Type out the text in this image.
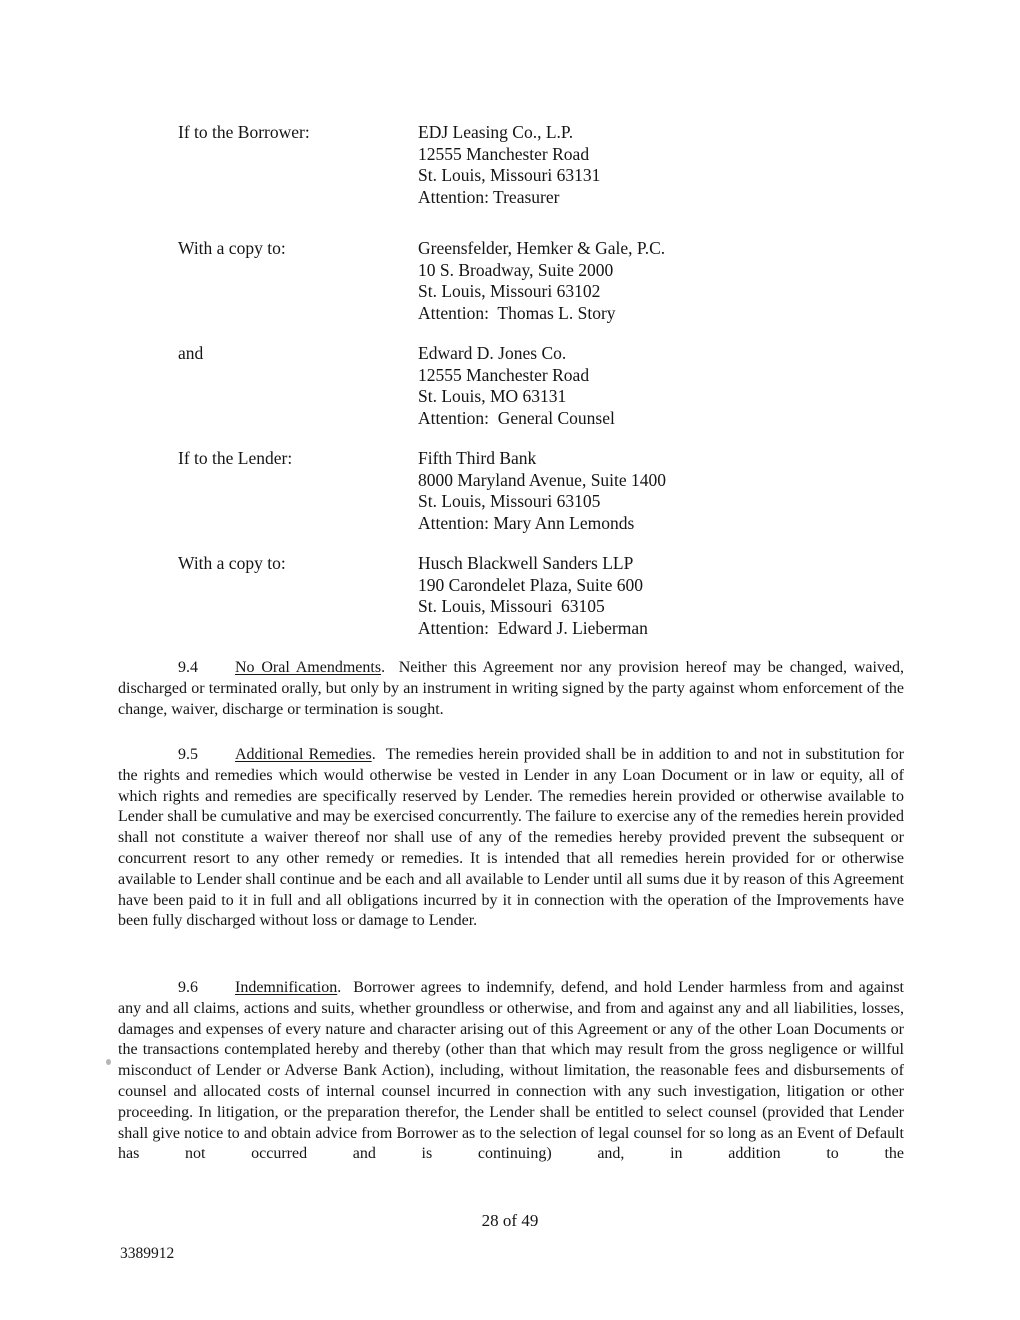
If to the Borrower:	EDJ Leasing Co., L.P.
12555 Manchester Road
St. Louis, Missouri 63131
Attention: Treasurer
With a copy to:	Greensfelder, Hemker & Gale, P.C.
10 S. Broadway, Suite 2000
St. Louis, Missouri 63102
Attention:  Thomas L. Story
and	Edward D. Jones Co.
12555 Manchester Road
St. Louis, MO 63131
Attention:  General Counsel
If to the Lender:	Fifth Third Bank
8000 Maryland Avenue, Suite 1400
St. Louis, Missouri 63105
Attention: Mary Ann Lemonds
With a copy to:	Husch Blackwell Sanders LLP
190 Carondelet Plaza, Suite 600
St. Louis, Missouri  63105
Attention:  Edward J. Lieberman
9.4 No Oral Amendments.  Neither this Agreement nor any provision hereof may be changed, waived, discharged or terminated orally, but only by an instrument in writing signed by the party against whom enforcement of the change, waiver, discharge or termination is sought.
9.5 Additional Remedies.  The remedies herein provided shall be in addition to and not in substitution for the rights and remedies which would otherwise be vested in Lender in any Loan Document or in law or equity, all of which rights and remedies are specifically reserved by Lender. The remedies herein provided or otherwise available to Lender shall be cumulative and may be exercised concurrently. The failure to exercise any of the remedies herein provided shall not constitute a waiver thereof nor shall use of any of the remedies hereby provided prevent the subsequent or concurrent resort to any other remedy or remedies. It is intended that all remedies herein provided for or otherwise available to Lender shall continue and be each and all available to Lender until all sums due it by reason of this Agreement have been paid to it in full and all obligations incurred by it in connection with the operation of the Improvements have been fully discharged without loss or damage to Lender.
9.6 Indemnification.  Borrower agrees to indemnify, defend, and hold Lender harmless from and against any and all claims, actions and suits, whether groundless or otherwise, and from and against any and all liabilities, losses, damages and expenses of every nature and character arising out of this Agreement or any of the other Loan Documents or the transactions contemplated hereby and thereby (other than that which may result from the gross negligence or willful misconduct of Lender or Adverse Bank Action), including, without limitation, the reasonable fees and disbursements of counsel and allocated costs of internal counsel incurred in connection with any such investigation, litigation or other proceeding. In litigation, or the preparation therefor, the Lender shall be entitled to select counsel (provided that Lender shall give notice to and obtain advice from Borrower as to the selection of legal counsel for so long as an Event of Default has not occurred and is continuing) and, in addition to the
28 of 49
3389912
